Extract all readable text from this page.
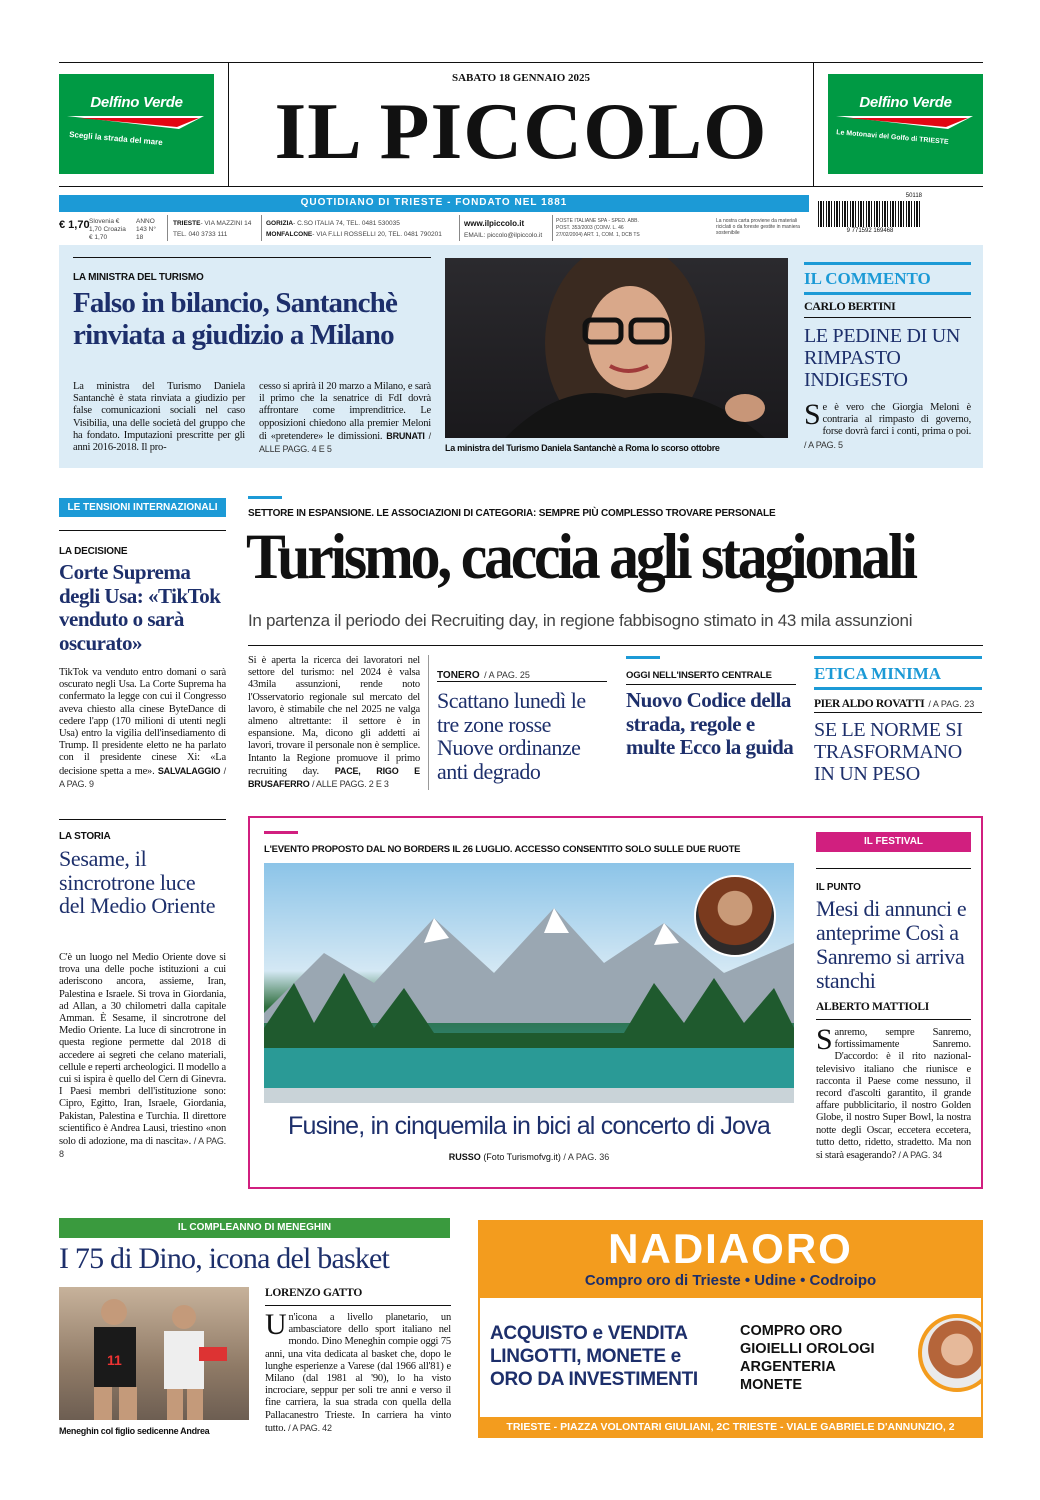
Delfino Verde
Scegli la strada del mare
SABATO 18 GENNAIO 2025
IL PICCOLO	Delfino Verde
Le Motonavi del Golfo di TRIESTE
QUOTIDIANO DI TRIESTE - FONDATO NEL 1881
€ 1,70 Slovenia € 1,70 Croazia € 1,70
ANNO 143 N° 18
TRIESTE- VIA MAZZINI 14
TEL. 040 3733 111
GORIZIA- C.SO ITALIA 74, TEL. 0481 530035
MONFALCONE- VIA F.LLI ROSSELLI 20, TEL. 0481 790201
www.ilpiccolo.it
EMAIL: piccolo@ilpiccolo.it
POSTE ITALIANE SPA - SPED. ABB. POST. 353/2003 (CONV. L. 46 27/02/2004) ART. 1, COM. 1, DCB TS
La nostra carta proviene da materiali riciclati o da foreste gestite in maniera sostenibile
50118
9 771592 169468
LA MINISTRA DEL TURISMO
Falso in bilancio, Santanchè rinviata a giudizio a Milano
La ministra del Turismo Daniela Santanchè è stata rinviata a giudizio per false comunicazioni sociali nel caso Visibilia, una delle società del gruppo che ha fondato. Imputazioni prescritte per gli anni 2016-2018. Il pro-
cesso si aprirà il 20 marzo a Milano, e sarà il primo che la senatrice di FdI dovrà affrontare come imprenditrice. Le opposizioni chiedono alla premier Meloni di «pretendere» le dimissioni. BRUNATI / ALLE PAGG. 4 E 5	La ministra del Turismo Daniela Santanchè a Roma lo scorso ottobre
IL COMMENTO
CARLO BERTINI
LE PEDINE DI UN RIMPASTO INDIGESTO
Se è vero che Giorgia Meloni è contraria al rimpasto di governo, forse dovrà farci i conti, prima o poi. / A PAG. 5
LE TENSIONI INTERNAZIONALI
LA DECISIONE
Corte Suprema degli Usa: «TikTok venduto o sarà oscurato»
TikTok va venduto entro domani o sarà oscurato negli Usa. La Corte Suprema ha confermato la legge con cui il Congresso aveva chiesto alla cinese ByteDance di cedere l'app (170 milioni di utenti negli Usa) entro la vigilia dell'insediamento di Trump. Il presidente eletto ne ha parlato con il presidente cinese Xi: «La decisione spetta a me». SALVALAGGIO / A PAG. 9
SETTORE IN ESPANSIONE. LE ASSOCIAZIONI DI CATEGORIA: SEMPRE PIÙ COMPLESSO TROVARE PERSONALE
Turismo, caccia agli stagionali
In partenza il periodo dei Recruiting day, in regione fabbisogno stimato in 43 mila assunzioni
Si è aperta la ricerca dei lavoratori nel settore del turismo: nel 2024 è valsa 43mila assunzioni, rende noto l'Osservatorio regionale sul mercato del lavoro, è stimabile che nel 2025 ne valga almeno altrettante: il settore è in espansione. Ma, dicono gli addetti ai lavori, trovare il personale non è semplice. Intanto la Regione promuove il primo recruiting day. PACE, RIGO E BRUSAFERRO / ALLE PAGG. 2 E 3
TONERO / A PAG. 25
Scattano lunedì le tre zone rosse Nuove ordinanze anti degrado
OGGI NELL'INSERTO CENTRALE
Nuovo Codice della strada, regole e multe Ecco la guida
ETICA MINIMA
PIER ALDO ROVATTI / A PAG. 23
SE LE NORME SI TRASFORMANO IN UN PESO
LA STORIA
Sesame, il sincrotrone luce del Medio Oriente
C'è un luogo nel Medio Oriente dove si trova una delle poche istituzioni a cui aderiscono ancora, assieme, Iran, Palestina e Israele. Si trova in Giordania, ad Allan, a 30 chilometri dalla capitale Amman. È Sesame, il sincrotrone del Medio Oriente. La luce di sincrotrone in questa regione permette dal 2018 di accedere ai segreti che celano materiali, cellule e reperti archeologici. Il modello a cui si ispira è quello del Cern di Ginevra. I Paesi membri dell'istituzione sono: Cipro, Egitto, Iran, Israele, Giordania, Pakistan, Palestina e Turchia. Il direttore scientifico è Andrea Lausi, triestino «non solo di adozione, ma di nascita». / A PAG. 8
L'EVENTO PROPOSTO DAL NO BORDERS IL 26 LUGLIO. ACCESSO CONSENTITO SOLO SULLE DUE RUOTE
Fusine, in cinquemila in bici al concerto di Jova
RUSSO (Foto Turismofvg.it) / A PAG. 36
IL FESTIVAL
IL PUNTO
Mesi di annunci e anteprime Così a Sanremo si arriva stanchi
ALBERTO MATTIOLI
Sanremo, sempre Sanremo, fortissimamente Sanremo. D'accordo: è il rito nazional-televisivo italiano che riunisce e racconta il Paese come nessuno, il record d'ascolti garantito, il grande affare pubblicitario, il nostro Golden Globe, il nostro Super Bowl, la nostra notte degli Oscar, eccetera eccetera, tutto detto, ridetto, stradetto. Ma non si starà esagerando? / A PAG. 34
IL COMPLEANNO DI MENEGHIN
I 75 di Dino, icona del basket
11
Meneghin col figlio sedicenne Andrea
LORENZO GATTO
Un'icona a livello planetario, un ambasciatore dello sport italiano nel mondo. Dino Meneghin compie oggi 75 anni, una vita dedicata al basket che, dopo le lunghe esperienze a Varese (dal 1966 all'81) e Milano (dal 1981 al '90), lo ha visto incrociare, seppur per soli tre anni e verso il fine carriera, la sua strada con quella della Pallacanestro Trieste. In carriera ha vinto tutto. / A PAG. 42
NADIAORO
Compro oro di Trieste • Udine • Codroipo
ACQUISTO e VENDITA
LINGOTTI, MONETE e
ORO DA INVESTIMENTI
COMPRO ORO
GIOIELLI OROLOGI
ARGENTERIA
MONETE
TRIESTE - PIAZZA VOLONTARI GIULIANI, 2C TRIESTE - VIALE GABRIELE D'ANNUNZIO, 2
